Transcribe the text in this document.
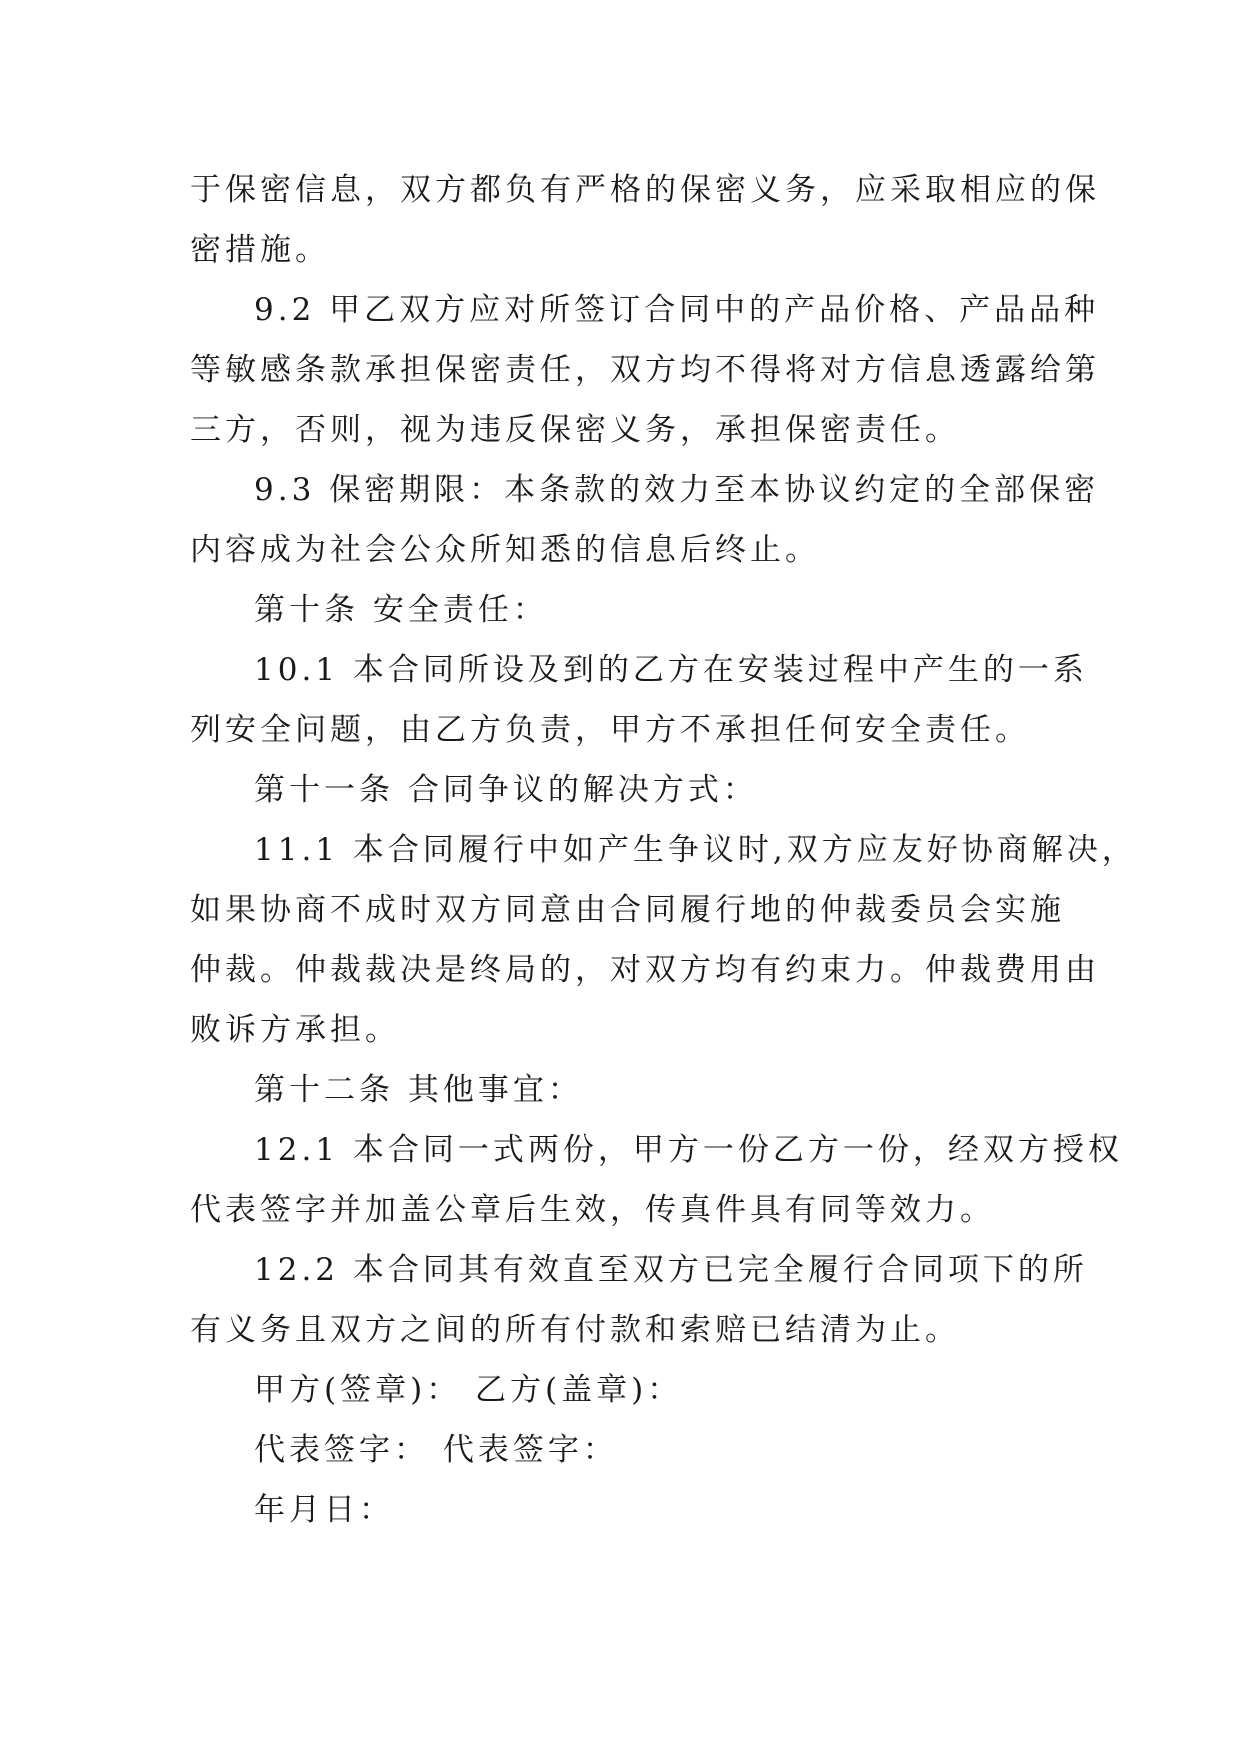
于保密信息，双方都负有严格的保密义务，应采取相应的保
密措施。
9.2 甲乙双方应对所签订合同中的产品价格、产品品种
等敏感条款承担保密责任，双方均不得将对方信息透露给第
三方，否则，视为违反保密义务，承担保密责任。
9.3 保密期限：本条款的效力至本协议约定的全部保密
内容成为社会公众所知悉的信息后终止。
第十条 安全责任：
10.1 本合同所设及到的乙方在安装过程中产生的一系
列安全问题，由乙方负责，甲方不承担任何安全责任。
第十一条 合同争议的解决方式：
11.1 本合同履行中如产生争议时,双方应友好协商解决，
如果协商不成时双方同意由合同履行地的仲裁委员会实施
仲裁。仲裁裁决是终局的，对双方均有约束力。仲裁费用由
败诉方承担。
第十二条 其他事宜：
12.1 本合同一式两份，甲方一份乙方一份，经双方授权
代表签字并加盖公章后生效，传真件具有同等效力。
12.2 本合同其有效直至双方已完全履行合同项下的所
有义务且双方之间的所有付款和索赔已结清为止。
甲方(签章)： 乙方(盖章)：
代表签字： 代表签字：
年月日：
